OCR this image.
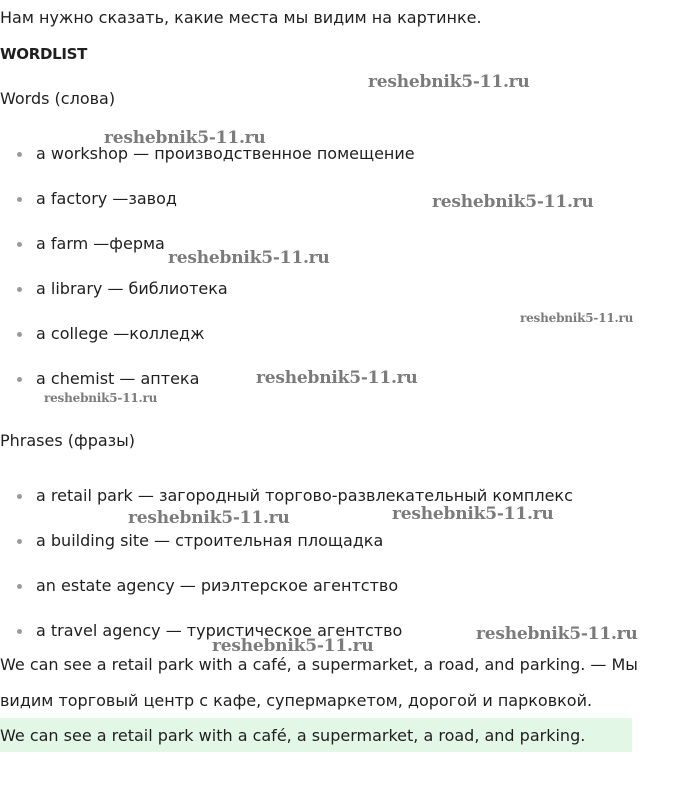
Нам нужно сказать, какие места мы видим на картинке.
WORDLIST
Words (слова)
a workshop — производственное помещение
a factory —завод
a farm —ферма
a library — библиотека
a college —колледж
a chemist — аптека
Phrases (фразы)
a retail park — загородный торгово-развлекательный комплекс
a building site — строительная площадка
an estate agency — риэлтерское агентство
a travel agency — туристическое агентство
We can see a retail park with a café, a supermarket, a road, and parking. — Мы
видим торговый центр с кафе, супермаркетом, дорогой и парковкой.
We can see a retail park with a café, a supermarket, a road, and parking.
reshebnik5-11.ru
reshebnik5-11.ru
reshebnik5-11.ru
reshebnik5-11.ru
reshebnik5-11.ru
reshebnik5-11.ru
reshebnik5-11.ru
reshebnik5-11.ru	reshebnik5-11.ru
reshebnik5-11.ru
reshebnik5-11.ru
